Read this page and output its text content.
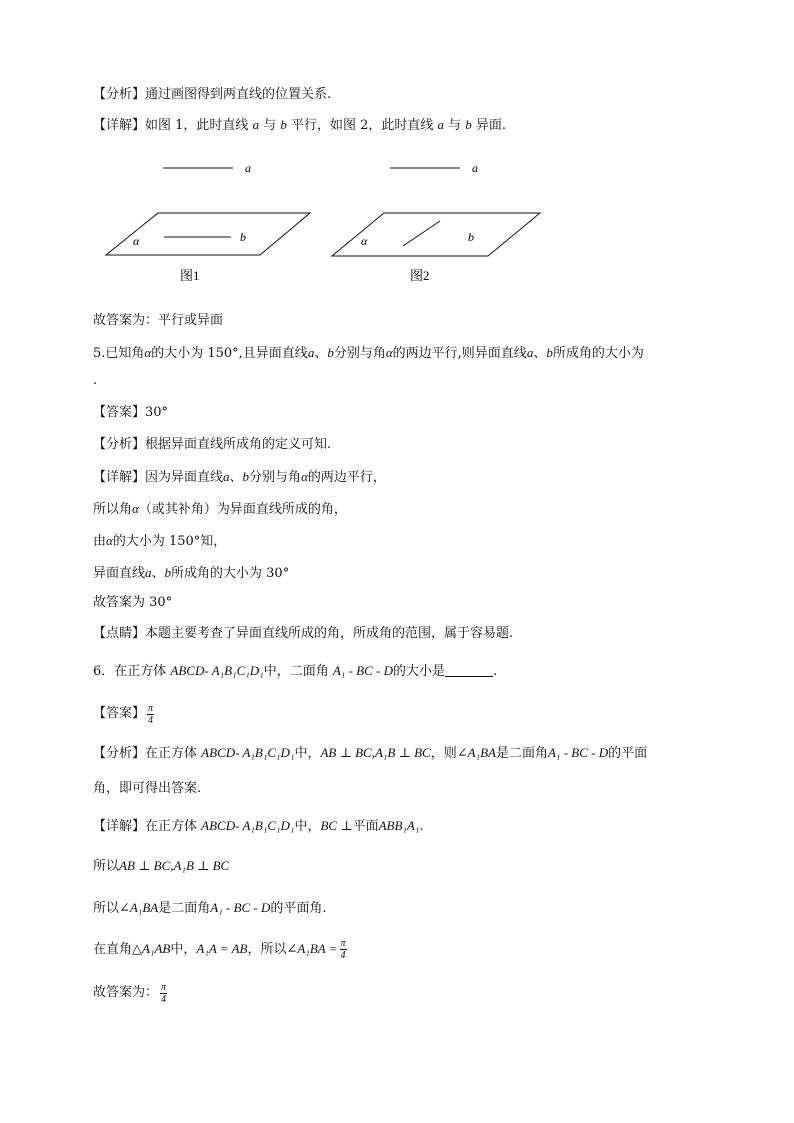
【分析】通过画图得到两直线的位置关系.
【详解】如图 1，此时直线 a 与 b 平行，如图 2，此时直线 a 与 b 异面.
a
α	b
图1
a
α	b
图2
故答案为：平行或异面
5.已知角α的大小为 150°,且异面直线a、b分别与角α的两边平行,则异面直线a、b所成角的大小为
.
【答案】30°
【分析】根据异面直线所成角的定义可知.
【详解】因为异面直线a、b分别与角α的两边平行，
所以角α（或其补角）为异面直线所成的角，
由α的大小为 150°知，
异面直线a、b所成角的大小为 30°
故答案为 30°
【点睛】本题主要考查了异面直线所成的角，所成角的范围，属于容易题.
6．在正方体 ABCD- A₁B₁C₁D₁中，二面角 A₁ - BC - D的大小是	.
【答案】 $\frac{\pi}{4}$
【分析】在正方体 ABCD- A₁B₁C₁D₁中，AB ⊥ BC,A₁B ⊥ BC，则∠A₁BA是二面角A₁ - BC - D的平面
角，即可得出答案.
【详解】在正方体 ABCD- A₁B₁C₁D₁中，BC ⊥平面ABB₁A₁.
所以AB ⊥ BC,A₁B ⊥ BC
所以∠A₁BA是二面角A₁ - BC - D的平面角.
在直角△A₁AB中，A₁A = AB，所以∠A₁BA = $\frac{\pi}{4}$
故答案为： $\frac{\pi}{4}$
